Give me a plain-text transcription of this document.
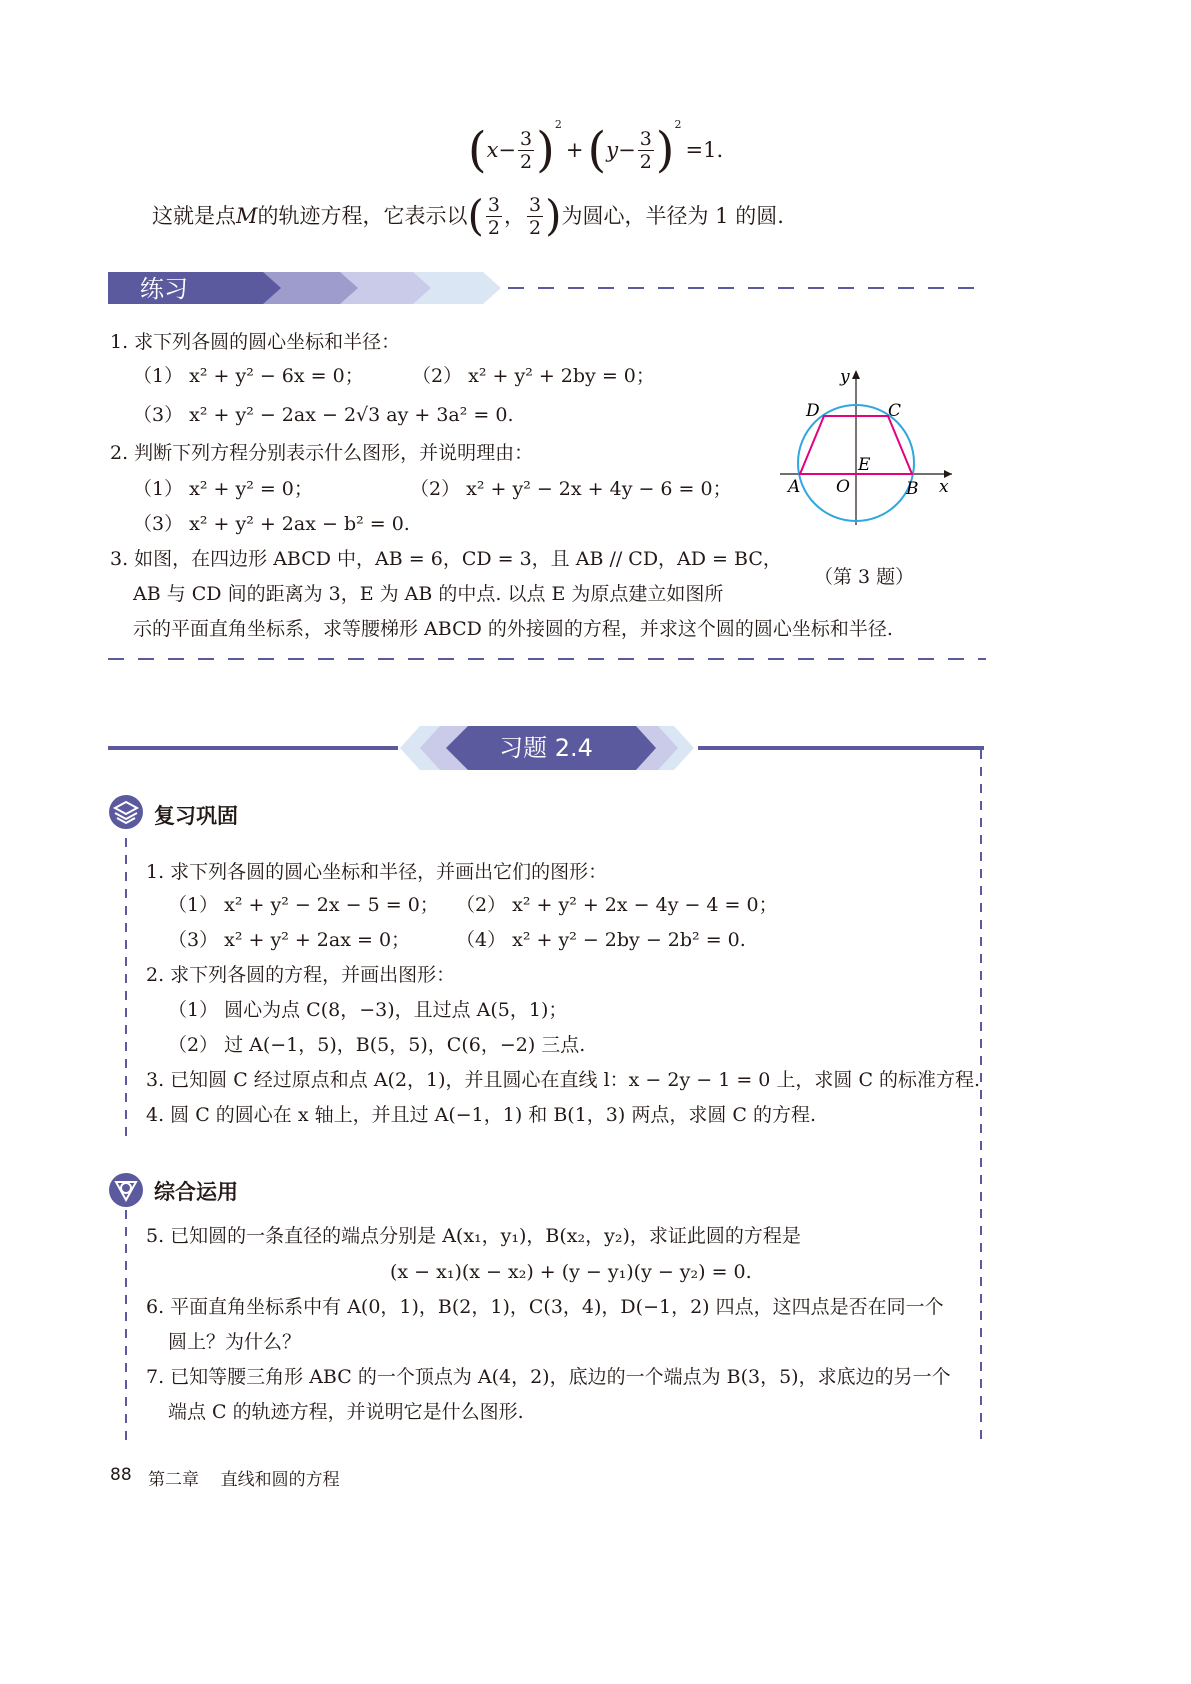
( $x - \frac{3}{2} )^2$
+ ( $y - \frac{3}{2} )^2$
=1.
这就是点 M 的轨迹方程，它表示以 ( $\frac{3}{2}$ ， $\frac{3}{2}$ ) 为圆心，半径为 1 的圆.
练习
1. 求下列各圆的圆心坐标和半径：
（1） x² + y² − 6x = 0；	（2） x² + y² + 2by = 0；
（3） x² + y² − 2ax − 2√3 ay + 3a² = 0.
2. 判断下列方程分别表示什么图形，并说明理由：
（1） x² + y² = 0；	（2） x² + y² − 2x + 4y − 6 = 0；
（3） x² + y² + 2ax − b² = 0.
3. 如图，在四边形 ABCD 中，AB = 6，CD = 3，且 AB // CD，AD = BC，
AB 与 CD 间的距离为 3，E 为 AB 的中点. 以点 E 为原点建立如图所
示的平面直角坐标系，求等腰梯形 ABCD 的外接圆的方程，并求这个圆的圆心坐标和半径.
y
x
D	C
E
A O	B
（第 3 题）
习题 2.4
复习巩固
1. 求下列各圆的圆心坐标和半径，并画出它们的图形：
（1） x² + y² − 2x − 5 = 0； （2） x² + y² + 2x − 4y − 4 = 0；
（3） x² + y² + 2ax = 0； （4） x² + y² − 2by − 2b² = 0.
2. 求下列各圆的方程，并画出图形：
（1） 圆心为点 C(8，−3)，且过点 A(5，1)；
（2） 过 A(−1，5)，B(5，5)，C(6，−2) 三点.
3. 已知圆 C 经过原点和点 A(2，1)，并且圆心在直线 l：x − 2y − 1 = 0 上，求圆 C 的标准方程.
4. 圆 C 的圆心在 x 轴上，并且过 A(−1，1) 和 B(1，3) 两点，求圆 C 的方程.
综合运用
5. 已知圆的一条直径的端点分别是 A(x₁，y₁)，B(x₂，y₂)，求证此圆的方程是
(x − x₁)(x − x₂) + (y − y₁)(y − y₂) = 0.
6. 平面直角坐标系中有 A(0，1)，B(2，1)，C(3，4)，D(−1，2) 四点，这四点是否在同一个
圆上？为什么？
7. 已知等腰三角形 ABC 的一个顶点为 A(4，2)，底边的一个端点为 B(3，5)，求底边的另一个
端点 C 的轨迹方程，并说明它是什么图形.
88 第二章    直线和圆的方程
